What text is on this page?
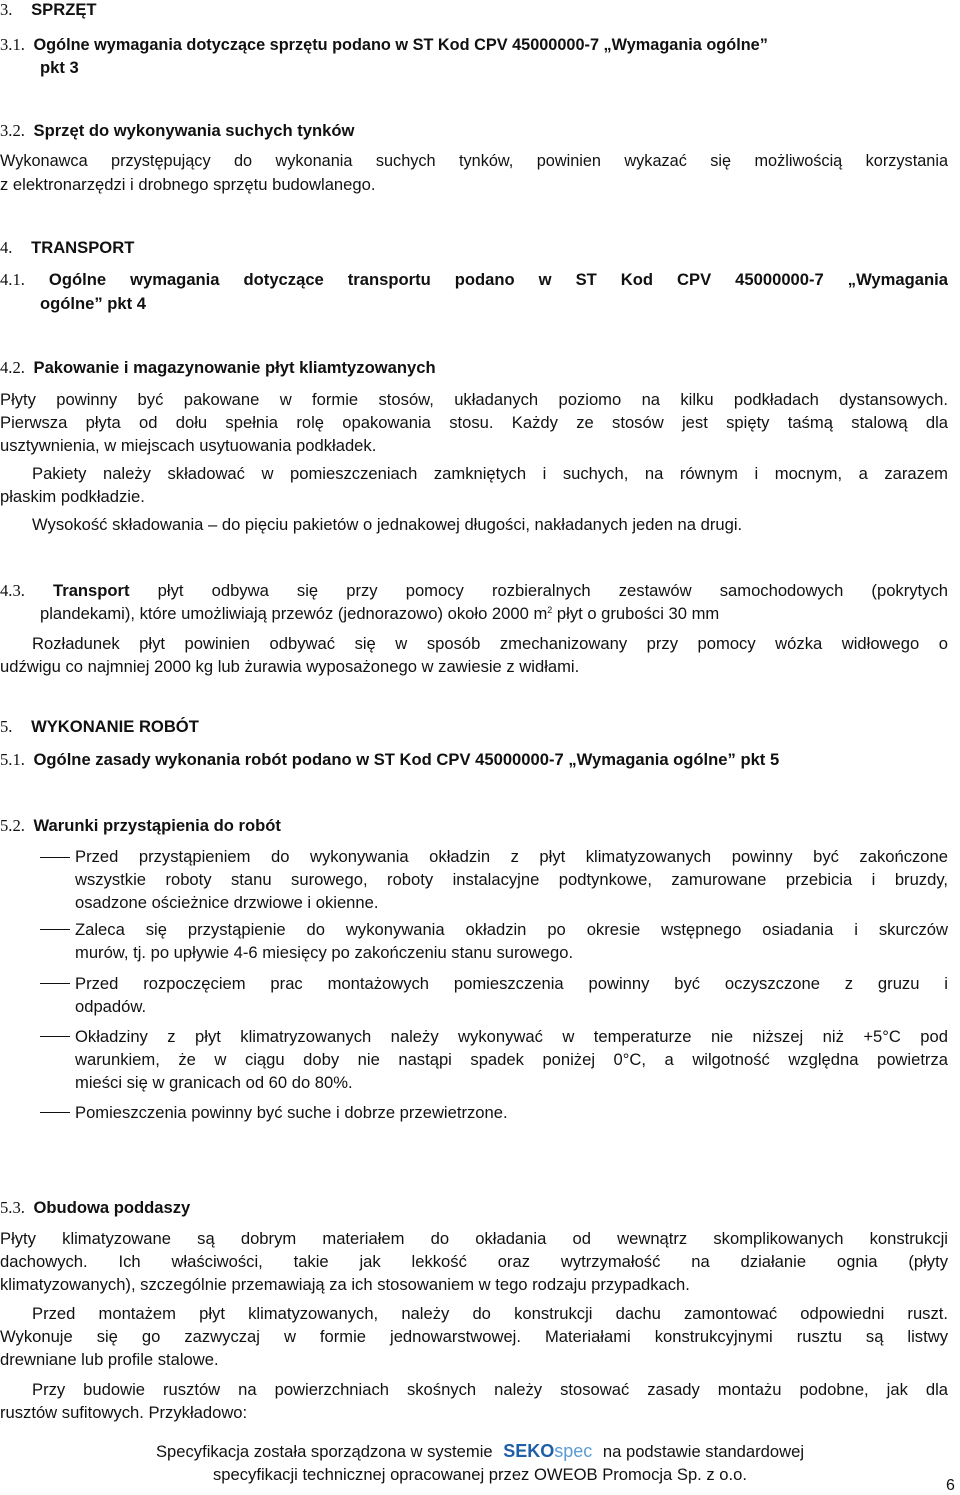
3. SPRZĘT
3.1. Ogólne wymagania dotyczące sprzętu podano w ST Kod CPV 45000000-7 „Wymagania ogólne”
pkt 3
3.2. Sprzęt do wykonywania suchych tynków
Wykonawca przystępujący do wykonania suchych tynków, powinien wykazać się możliwością korzystania
z elektronarzędzi i drobnego sprzętu budowlanego.
4. TRANSPORT
4.1. Ogólne wymagania dotyczące transportu podano w ST Kod CPV 45000000-7 „Wymagania
ogólne” pkt 4
4.2. Pakowanie i magazynowanie płyt kliamtyzowanych
Płyty powinny być pakowane w formie stosów, układanych poziomo na kilku podkładach dystansowych.
Pierwsza płyta od dołu spełnia rolę opakowania stosu. Każdy ze stosów jest spięty taśmą stalową dla
usztywnienia, w miejscach usytuowania podkładek.
Pakiety należy składować w pomieszczeniach zamkniętych i suchych, na równym i mocnym, a zarazem
płaskim podkładzie.
Wysokość składowania – do pięciu pakietów o jednakowej długości, nakładanych jeden na drugi.
4.3. Transport płyt odbywa się przy pomocy rozbieralnych zestawów samochodowych (pokrytych
plandekami), które umożliwiają przewóz (jednorazowo) około 2000 $m^2$ płyt o grubości 30 mm
Rozładunek płyt powinien odbywać się w sposób zmechanizowany przy pomocy wózka widłowego o
udźwigu co najmniej 2000 kg lub żurawia wyposażonego w zawiesie z widłami.
5. WYKONANIE ROBÓT
5.1. Ogólne zasady wykonania robót podano w ST Kod CPV 45000000-7 „Wymagania ogólne” pkt 5
5.2. Warunki przystąpienia do robót
Przed przystąpieniem do wykonywania okładzin z płyt klimatyzowanych powinny być zakończone
wszystkie roboty stanu surowego, roboty instalacyjne podtynkowe, zamurowane przebicia i bruzdy,
osadzone ościeżnice drzwiowe i okienne.
Zaleca się przystąpienie do wykonywania okładzin po okresie wstępnego osiadania i skurczów
murów, tj. po upływie 4-6 miesięcy po zakończeniu stanu surowego.
Przed rozpoczęciem prac montażowych pomieszczenia powinny być oczyszczone z gruzu i
odpadów.
Okładziny z płyt klimatryzowanych należy wykonywać w temperaturze nie niższej niż +5°C pod
warunkiem, że w ciągu doby nie nastąpi spadek poniżej 0°C, a wilgotność względna powietrza
mieści się w granicach od 60 do 80%.
Pomieszczenia powinny być suche i dobrze przewietrzone.
5.3. Obudowa poddaszy
Płyty klimatyzowane są dobrym materiałem do okładania od wewnątrz skomplikowanych konstrukcji
dachowych. Ich właściwości, takie jak lekkość oraz wytrzymałość na działanie ognia (płyty
klimatyzowanych), szczególnie przemawiają za ich stosowaniem w tego rodzaju przypadkach.
Przed montażem płyt klimatyzowanych, należy do konstrukcji dachu zamontować odpowiedni ruszt.
Wykonuje się go zazwyczaj w formie jednowarstwowej. Materiałami konstrukcyjnymi rusztu są listwy
drewniane lub profile stalowe.
Przy budowie rusztów na powierzchniach skośnych należy stosować zasady montażu podobne, jak dla
rusztów sufitowych. Przykładowo:
Specyfikacja została sporządzona w systemie SEKOspec na podstawie standardowej
specyfikacji technicznej opracowanej przez OWEOB Promocja Sp. z o.o.
6
